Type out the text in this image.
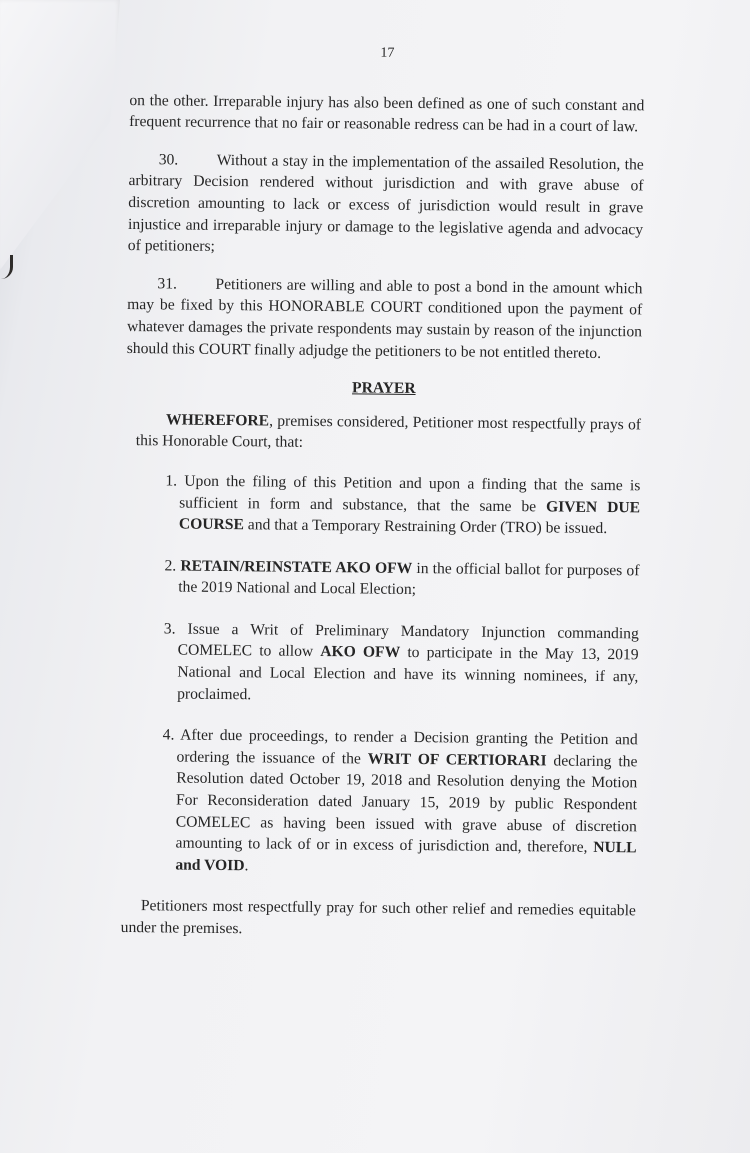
17

on the other. Irreparable injury has also been defined as one of such constant and frequent recurrence that no fair or reasonable redress can be had in a court of law.

30. Without a stay in the implementation of the assailed Resolution, the arbitrary Decision rendered without jurisdiction and with grave abuse of discretion amounting to lack or excess of jurisdiction would result in grave injustice and irreparable injury or damage to the legislative agenda and advocacy of petitioners;

31. Petitioners are willing and able to post a bond in the amount which may be fixed by this HONORABLE COURT conditioned upon the payment of whatever damages the private respondents may sustain by reason of the injunction should this COURT finally adjudge the petitioners to be not entitled thereto.

PRAYER

WHEREFORE, premises considered, Petitioner most respectfully prays of this Honorable Court, that:

1. Upon the filing of this Petition and upon a finding that the same is sufficient in form and substance, that the same be GIVEN DUE COURSE and that a Temporary Restraining Order (TRO) be issued.
2. RETAIN/REINSTATE AKO OFW in the official ballot for purposes of the 2019 National and Local Election;
3. Issue a Writ of Preliminary Mandatory Injunction commanding COMELEC to allow AKO OFW to participate in the May 13, 2019 National and Local Election and have its winning nominees, if any, proclaimed.
4. After due proceedings, to render a Decision granting the Petition and ordering the issuance of the WRIT OF CERTIORARI declaring the Resolution dated October 19, 2018 and Resolution denying the Motion For Reconsideration dated January 15, 2019 by public Respondent COMELEC as having been issued with grave abuse of discretion amounting to lack of or in excess of jurisdiction and, therefore, NULL and VOID.

Petitioners most respectfully pray for such other relief and remedies equitable under the premises.
